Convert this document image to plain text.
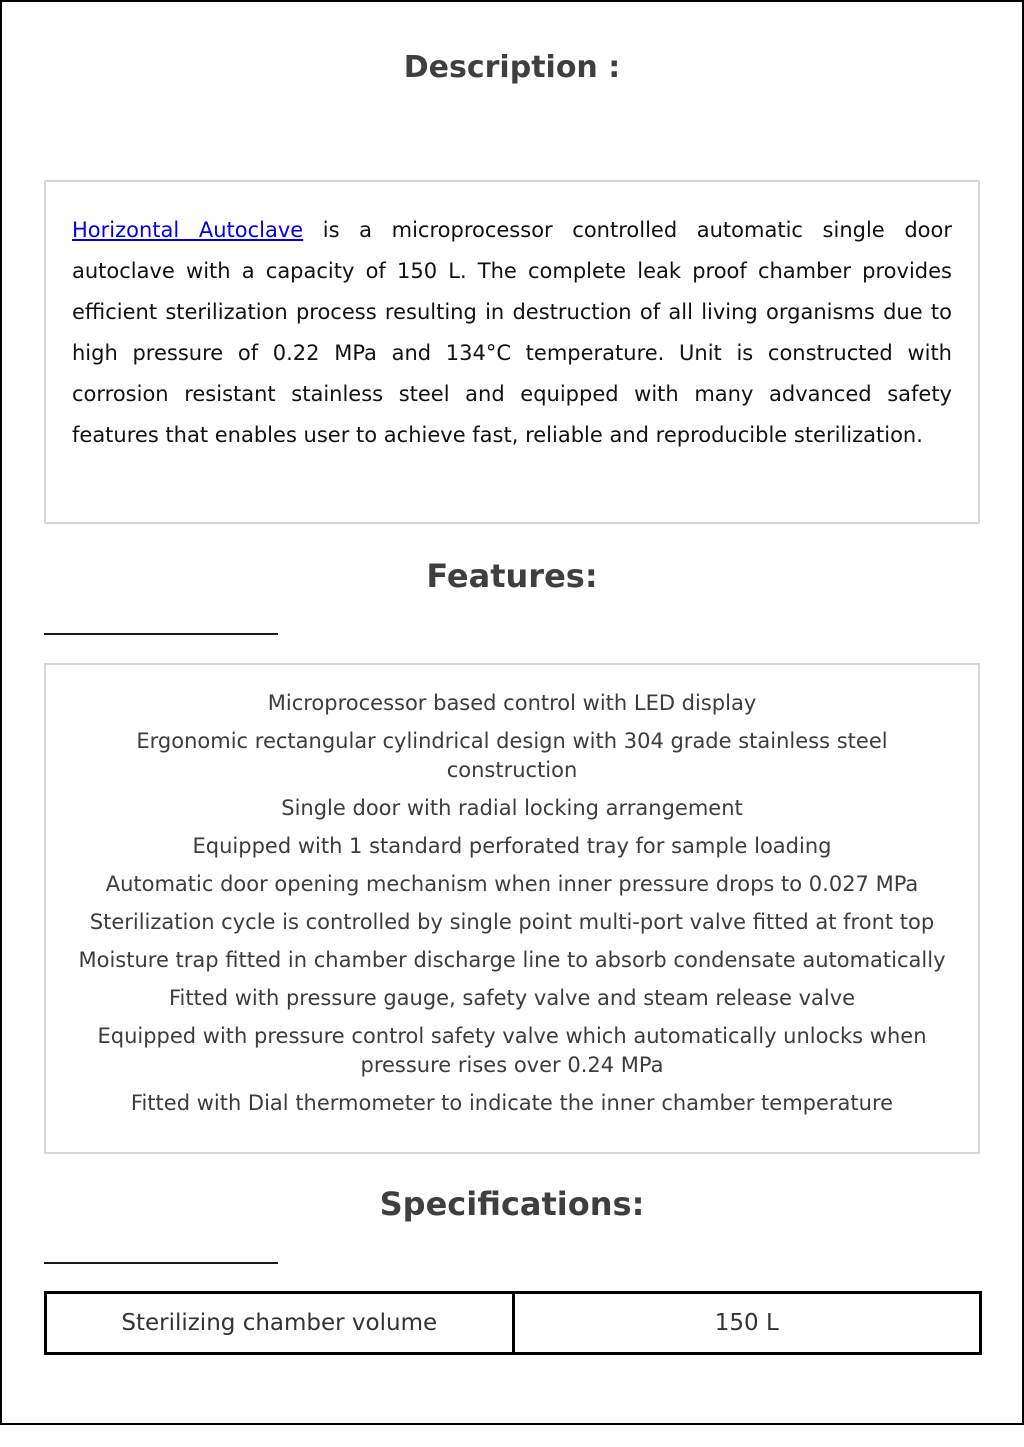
Description :

Horizontal Autoclave is a microprocessor controlled automatic single door autoclave with a capacity of 150 L. The complete leak proof chamber provides efficient sterilization process resulting in destruction of all living organisms due to high pressure of 0.22 MPa and 134°C temperature. Unit is constructed with corrosion resistant stainless steel and equipped with many advanced safety features that enables user to achieve fast, reliable and reproducible sterilization.

Features:
Microprocessor based control with LED display
Ergonomic rectangular cylindrical design with 304 grade stainless steel construction
Single door with radial locking arrangement
Equipped with 1 standard perforated tray for sample loading
Automatic door opening mechanism when inner pressure drops to 0.027 MPa
Sterilization cycle is controlled by single point multi-port valve fitted at front top
Moisture trap fitted in chamber discharge line to absorb condensate automatically
Fitted with pressure gauge, safety valve and steam release valve
Equipped with pressure control safety valve which automatically unlocks when pressure rises over 0.24 MPa
Fitted with Dial thermometer to indicate the inner chamber temperature
Specifications:
Sterilizing chamber volume	150 L
